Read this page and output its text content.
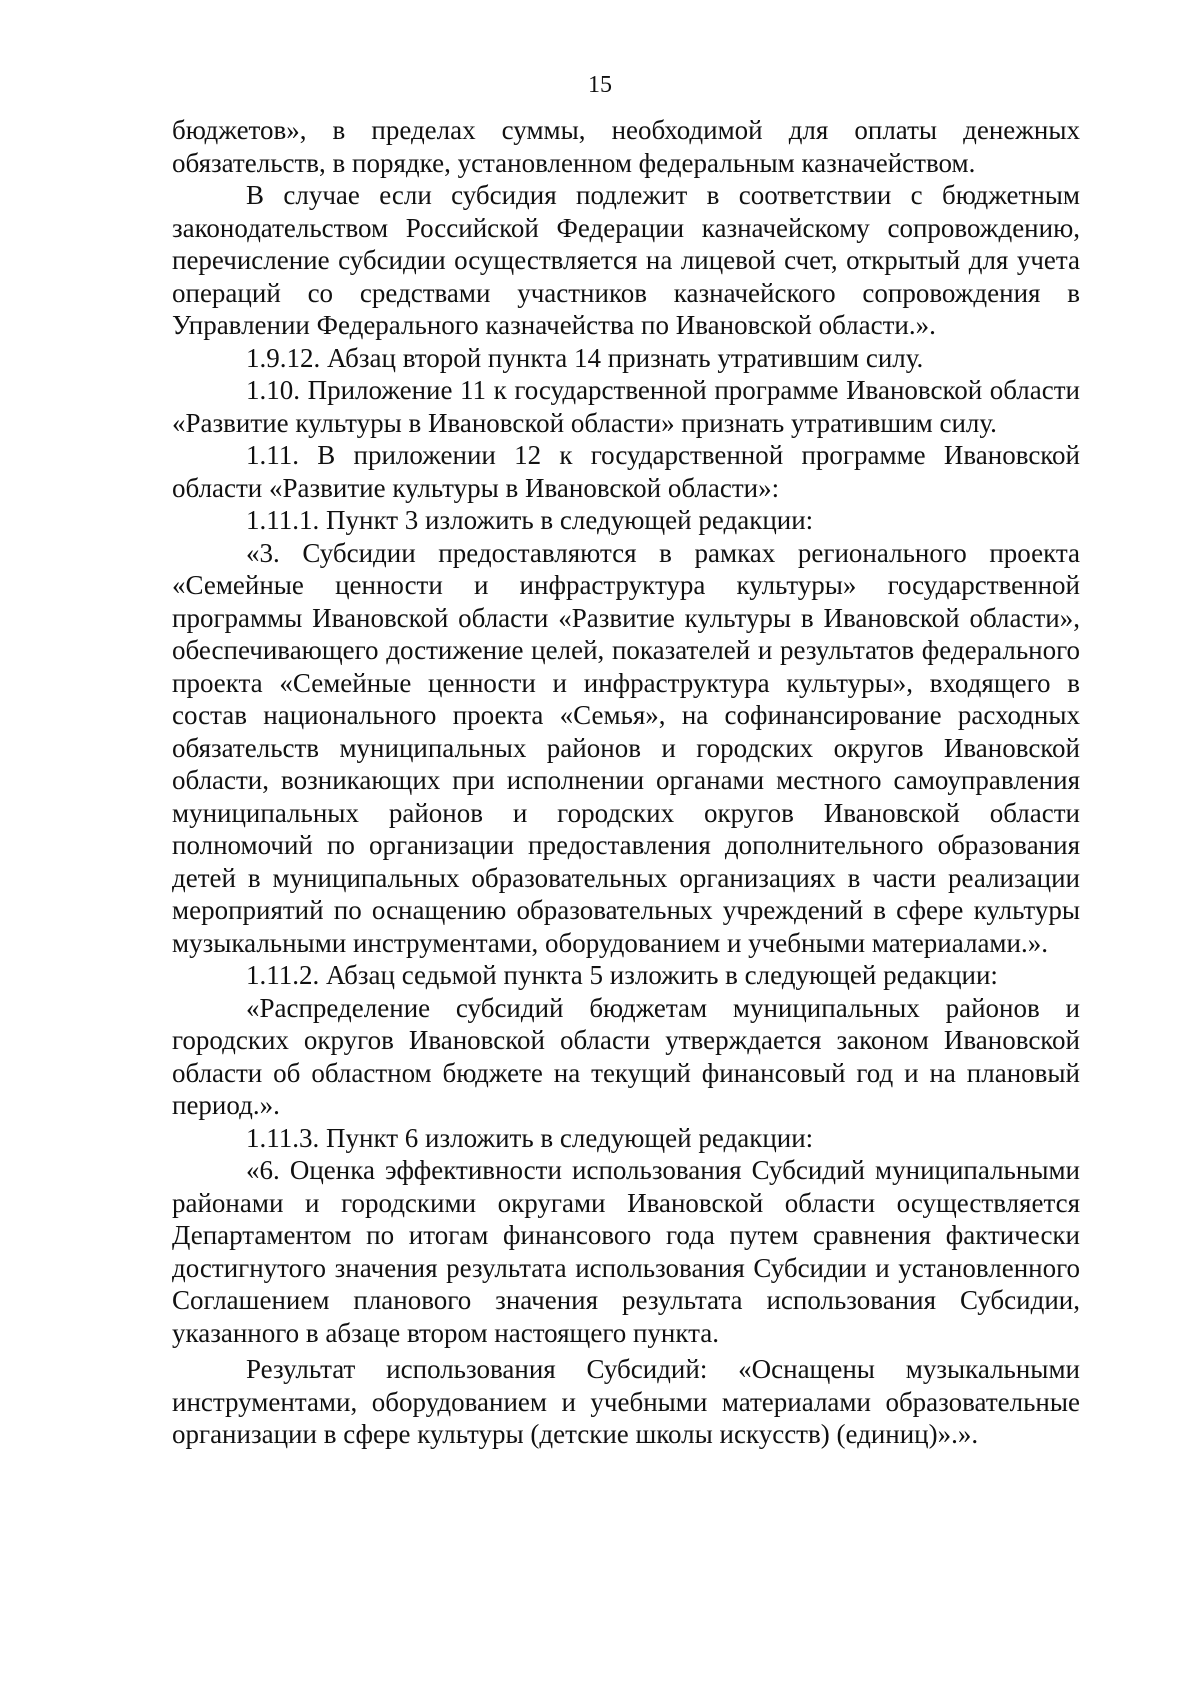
15

бюджетов», в пределах суммы, необходимой для оплаты денежных обязательств, в порядке, установленном федеральным казначейством.

В случае если субсидия подлежит в соответствии с бюджетным законодательством Российской Федерации казначейскому сопровождению, перечисление субсидии осуществляется на лицевой счет, открытый для учета операций со средствами участников казначейского сопровождения в Управлении Федерального казначейства по Ивановской области.».

1.9.12. Абзац второй пункта 14 признать утратившим силу.

1.10. Приложение 11 к государственной программе Ивановской области «Развитие культуры в Ивановской области» признать утратившим силу.

1.11. В приложении 12 к государственной программе Ивановской области «Развитие культуры в Ивановской области»:

1.11.1. Пункт 3 изложить в следующей редакции:

«3. Субсидии предоставляются в рамках регионального проекта «Семейные ценности и инфраструктура культуры» государственной программы Ивановской области «Развитие культуры в Ивановской области», обеспечивающего достижение целей, показателей и результатов федерального проекта «Семейные ценности и инфраструктура культуры», входящего в состав национального проекта «Семья», на софинансирование расходных обязательств муниципальных районов и городских округов Ивановской области, возникающих при исполнении органами местного самоуправления муниципальных районов и городских округов Ивановской области полномочий по организации предоставления дополнительного образования детей в муниципальных образовательных организациях в части реализации мероприятий по оснащению образовательных учреждений в сфере культуры музыкальными инструментами, оборудованием и учебными материалами.».

1.11.2. Абзац седьмой пункта 5 изложить в следующей редакции:

«Распределение субсидий бюджетам муниципальных районов и городских округов Ивановской области утверждается законом Ивановской области об областном бюджете на текущий финансовый год и на плановый период.».

1.11.3. Пункт 6 изложить в следующей редакции:

«6. Оценка эффективности использования Субсидий муниципальными районами и городскими округами Ивановской области осуществляется Департаментом по итогам финансового года путем сравнения фактически достигнутого значения результата использования Субсидии и установленного Соглашением планового значения результата использования Субсидии, указанного в абзаце втором настоящего пункта.

Результат использования Субсидий: «Оснащены музыкальными инструментами, оборудованием и учебными материалами образовательные организации в сфере культуры (детские школы искусств) (единиц)».».
